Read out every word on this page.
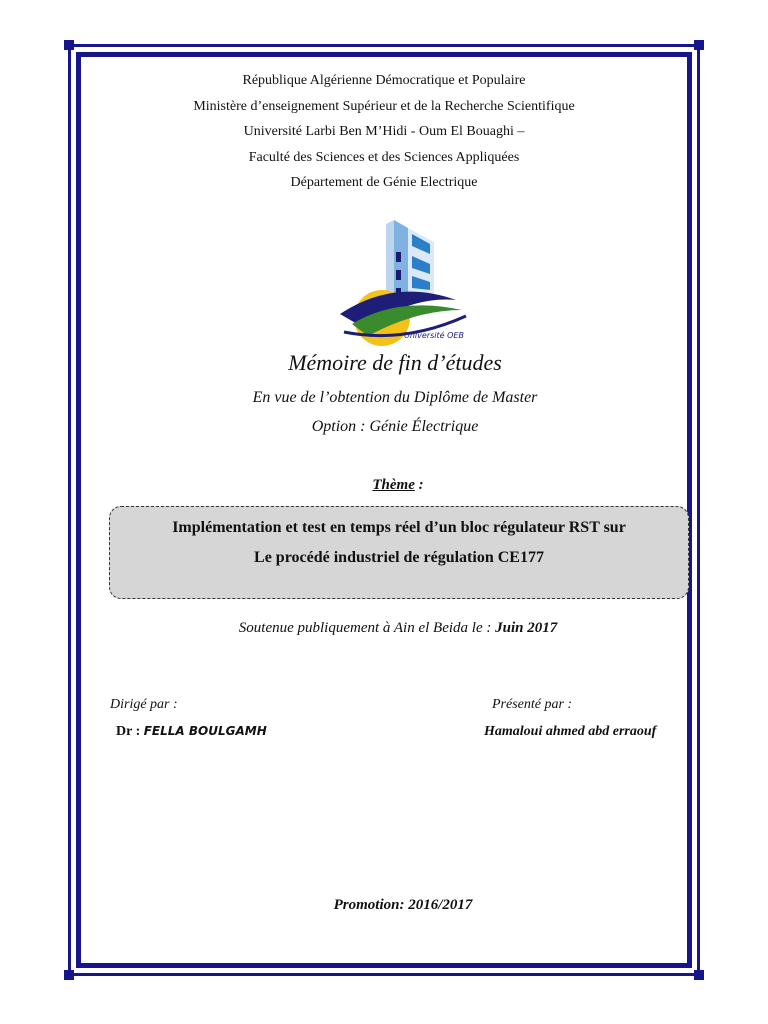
République Algérienne Démocratique et Populaire
Ministère d’enseignement Supérieur et de la Recherche Scientifique
Université Larbi Ben M’Hidi - Oum El Bouaghi –
Faculté des Sciences et des Sciences Appliquées
Département de Génie Electrique
Université OEB
Mémoire de fin d’études
En vue de l’obtention du Diplôme de Master
Option : Génie Électrique
Thème :
Implémentation et test en temps réel d’un bloc régulateur RST sur
Le procédé industriel de régulation CE177
Soutenue publiquement à Ain el Beida le : Juin 2017
Dirigé par :	Présenté par :
Dr : FELLA BOULGAMH	Hamaloui ahmed abd erraouf
Promotion: 2016/2017
